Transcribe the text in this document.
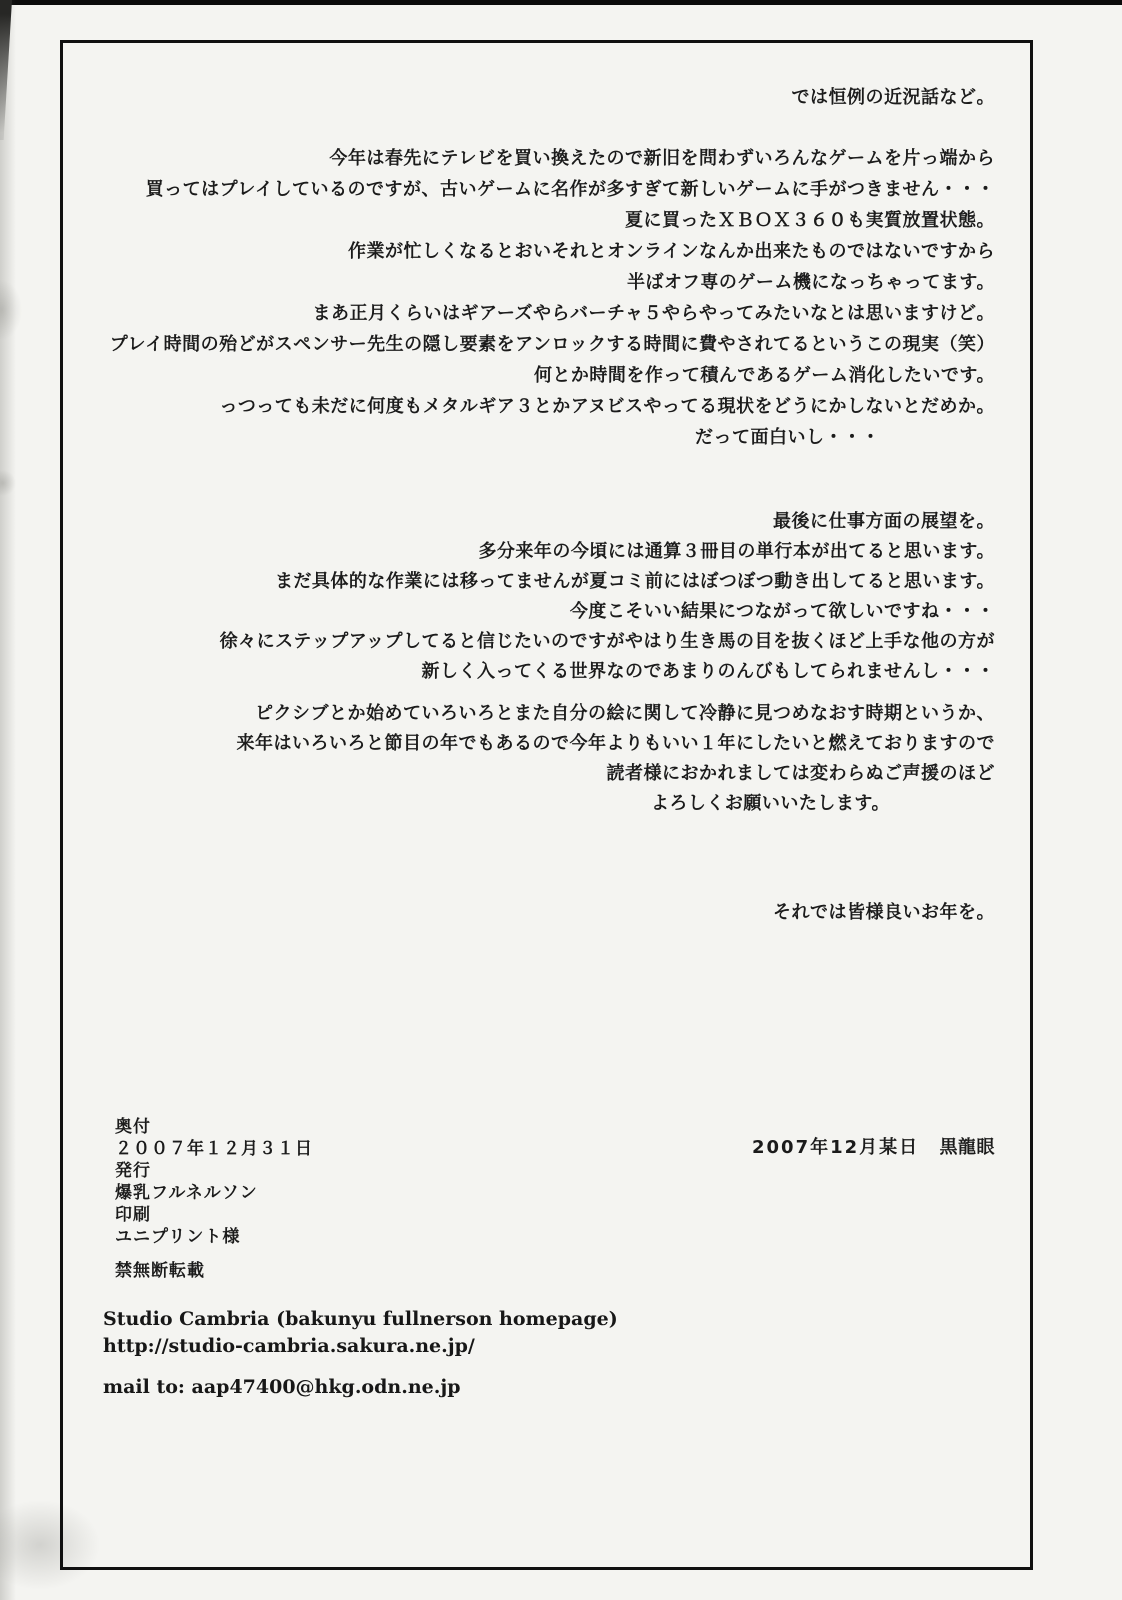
では恒例の近況話など。
今年は春先にテレビを買い換えたので新旧を問わずいろんなゲームを片っ端から
買ってはプレイしているのですが、古いゲームに名作が多すぎて新しいゲームに手がつきません・・・
夏に買ったＸＢＯＸ３６０も実質放置状態。
作業が忙しくなるとおいそれとオンラインなんか出来たものではないですから
半ばオフ専のゲーム機になっちゃってます。
まあ正月くらいはギアーズやらバーチャ５やらやってみたいなとは思いますけど。
プレイ時間の殆どがスペンサー先生の隠し要素をアンロックする時間に費やされてるというこの現実（笑）
何とか時間を作って積んであるゲーム消化したいです。
っつっても未だに何度もメタルギア３とかアヌビスやってる現状をどうにかしないとだめか。
だって面白いし・・・
最後に仕事方面の展望を。
多分来年の今頃には通算３冊目の単行本が出てると思います。
まだ具体的な作業には移ってませんが夏コミ前にはぼつぼつ動き出してると思います。
今度こそいい結果につながって欲しいですね・・・
徐々にステップアップしてると信じたいのですがやはり生き馬の目を抜くほど上手な他の方が
新しく入ってくる世界なのであまりのんびもしてられませんし・・・
ピクシブとか始めていろいろとまた自分の絵に関して冷静に見つめなおす時期というか、
来年はいろいろと節目の年でもあるので今年よりもいい１年にしたいと燃えておりますので
読者様におかれましては変わらぬご声援のほど
よろしくお願いいたします。
それでは皆様良いお年を。
奥付
２００７年１２月３１日
発行
爆乳フルネルソン
印刷
ユニプリント様
禁無断転載
2007年12月某日 黒龍眼
Studio Cambria (bakunyu fullnerson homepage)
http://studio-cambria.sakura.ne.jp/
mail to: aap47400@hkg.odn.ne.jp
